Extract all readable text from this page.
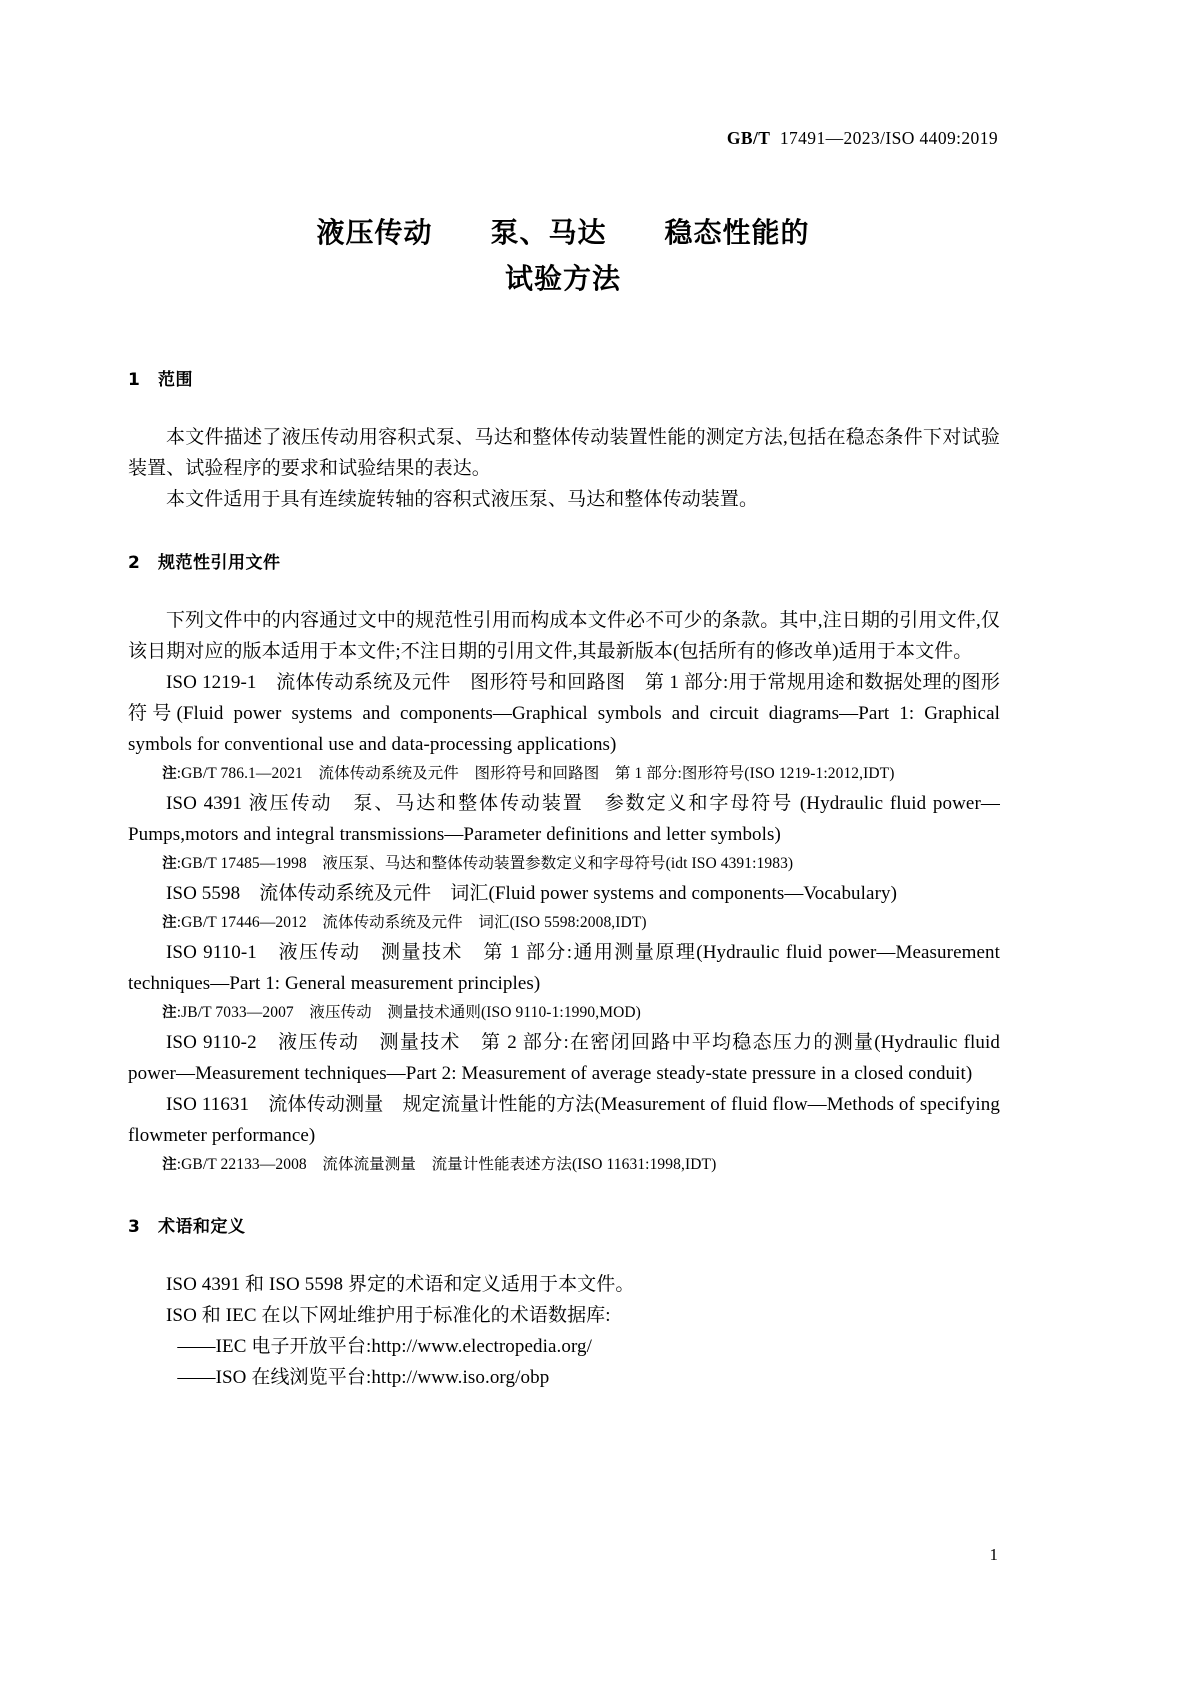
GB/T 17491—2023/ISO 4409:2019
液压传动　　泵、马达　　稳态性能的
试验方法
1 范围

本文件描述了液压传动用容积式泵、马达和整体传动装置性能的测定方法,包括在稳态条件下对试验装置、试验程序的要求和试验结果的表达。

本文件适用于具有连续旋转轴的容积式液压泵、马达和整体传动装置。

2 规范性引用文件

下列文件中的内容通过文中的规范性引用而构成本文件必不可少的条款。其中,注日期的引用文件,仅该日期对应的版本适用于本文件;不注日期的引用文件,其最新版本(包括所有的修改单)适用于本文件。

ISO 1219-1　流体传动系统及元件　图形符号和回路图　第 1 部分:用于常规用途和数据处理的图形符号(Fluid power systems and components—Graphical symbols and circuit diagrams—Part 1: Graphical symbols for conventional use and data-processing applications)

注:GB/T 786.1—2021　流体传动系统及元件　图形符号和回路图　第 1 部分:图形符号(ISO 1219-1:2012,IDT)

ISO 4391 液压传动　泵、马达和整体传动装置　参数定义和字母符号 (Hydraulic fluid power—Pumps,motors and integral transmissions—Parameter definitions and letter symbols)

注:GB/T 17485—1998　液压泵、马达和整体传动装置参数定义和字母符号(idt ISO 4391:1983)

ISO 5598　流体传动系统及元件　词汇(Fluid power systems and components—Vocabulary)

注:GB/T 17446—2012　流体传动系统及元件　词汇(ISO 5598:2008,IDT)

ISO 9110-1　液压传动　测量技术　第 1 部分:通用测量原理(Hydraulic fluid power—Measurement techniques—Part 1: General measurement principles)

注:JB/T 7033—2007　液压传动　测量技术通则(ISO 9110-1:1990,MOD)

ISO 9110-2　液压传动　测量技术　第 2 部分:在密闭回路中平均稳态压力的测量(Hydraulic fluid power—Measurement techniques—Part 2: Measurement of average steady-state pressure in a closed conduit)

ISO 11631　流体传动测量　规定流量计性能的方法(Measurement of fluid flow—Methods of specifying flowmeter performance)

注:GB/T 22133—2008　流体流量测量　流量计性能表述方法(ISO 11631:1998,IDT)

3 术语和定义

ISO 4391 和 ISO 5598 界定的术语和定义适用于本文件。

ISO 和 IEC 在以下网址维护用于标准化的术语数据库:

——IEC 电子开放平台:http://www.electropedia.org/

——ISO 在线浏览平台:http://www.iso.org/obp

1
